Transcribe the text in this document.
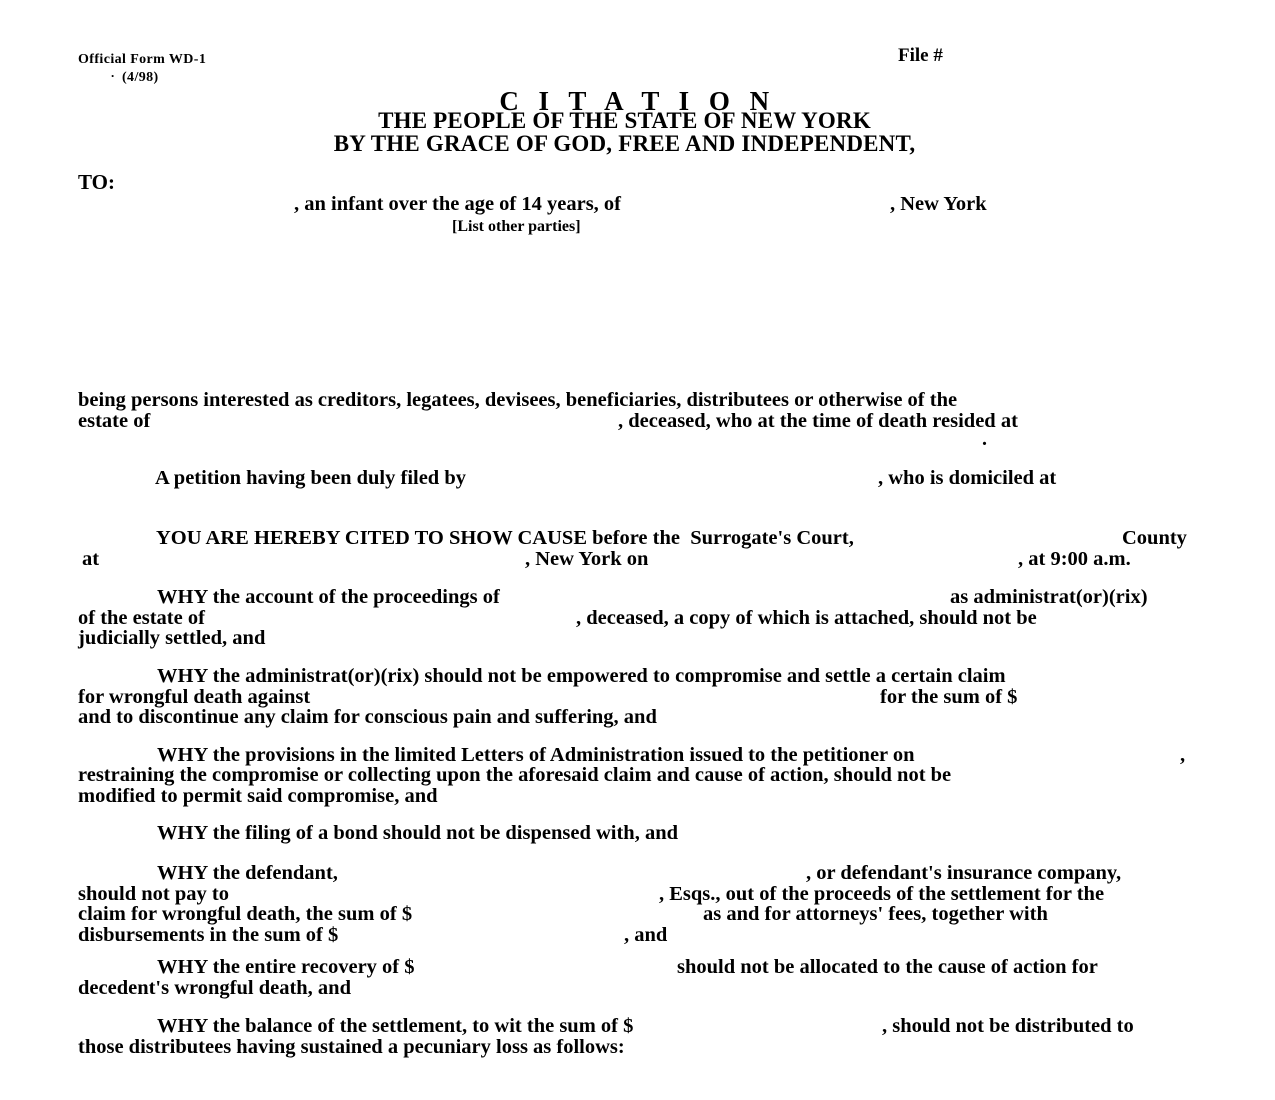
Official Form WD-1
(4/98)
.
File #
C I T A T I O N
THE PEOPLE OF THE STATE OF NEW YORK
BY THE GRACE OF GOD, FREE AND INDEPENDENT,
TO:
, an infant over the age of 14 years, of	, New York
[List other parties]
being persons interested as creditors, legatees, devisees, beneficiaries, distributees or otherwise of the
estate of	, deceased, who at the time of death resided at
.
A petition having been duly filed by	, who is domiciled at
YOU ARE HEREBY CITED TO SHOW CAUSE before the  Surrogate's Court,	County
at	, New York on	, at 9:00 a.m.
WHY the account of the proceedings of	as administrat(or)(rix)
of the estate of	, deceased, a copy of which is attached, should not be
judicially settled, and
WHY the administrat(or)(rix) should not be empowered to compromise and settle a certain claim
for wrongful death against	for the sum of $
and to discontinue any claim for conscious pain and suffering, and
WHY the provisions in the limited Letters of Administration issued to the petitioner on	,
restraining the compromise or collecting upon the aforesaid claim and cause of action, should not be
modified to permit said compromise, and
WHY the filing of a bond should not be dispensed with, and
WHY the defendant,	, or defendant's insurance company,
should not pay to	, Esqs., out of the proceeds of the settlement for the
claim for wrongful death, the sum of $	as and for attorneys' fees, together with
disbursements in the sum of $	, and
WHY the entire recovery of $	should not be allocated to the cause of action for
decedent's wrongful death, and
WHY the balance of the settlement, to wit the sum of $	, should not be distributed to
those distributees having sustained a pecuniary loss as follows:
